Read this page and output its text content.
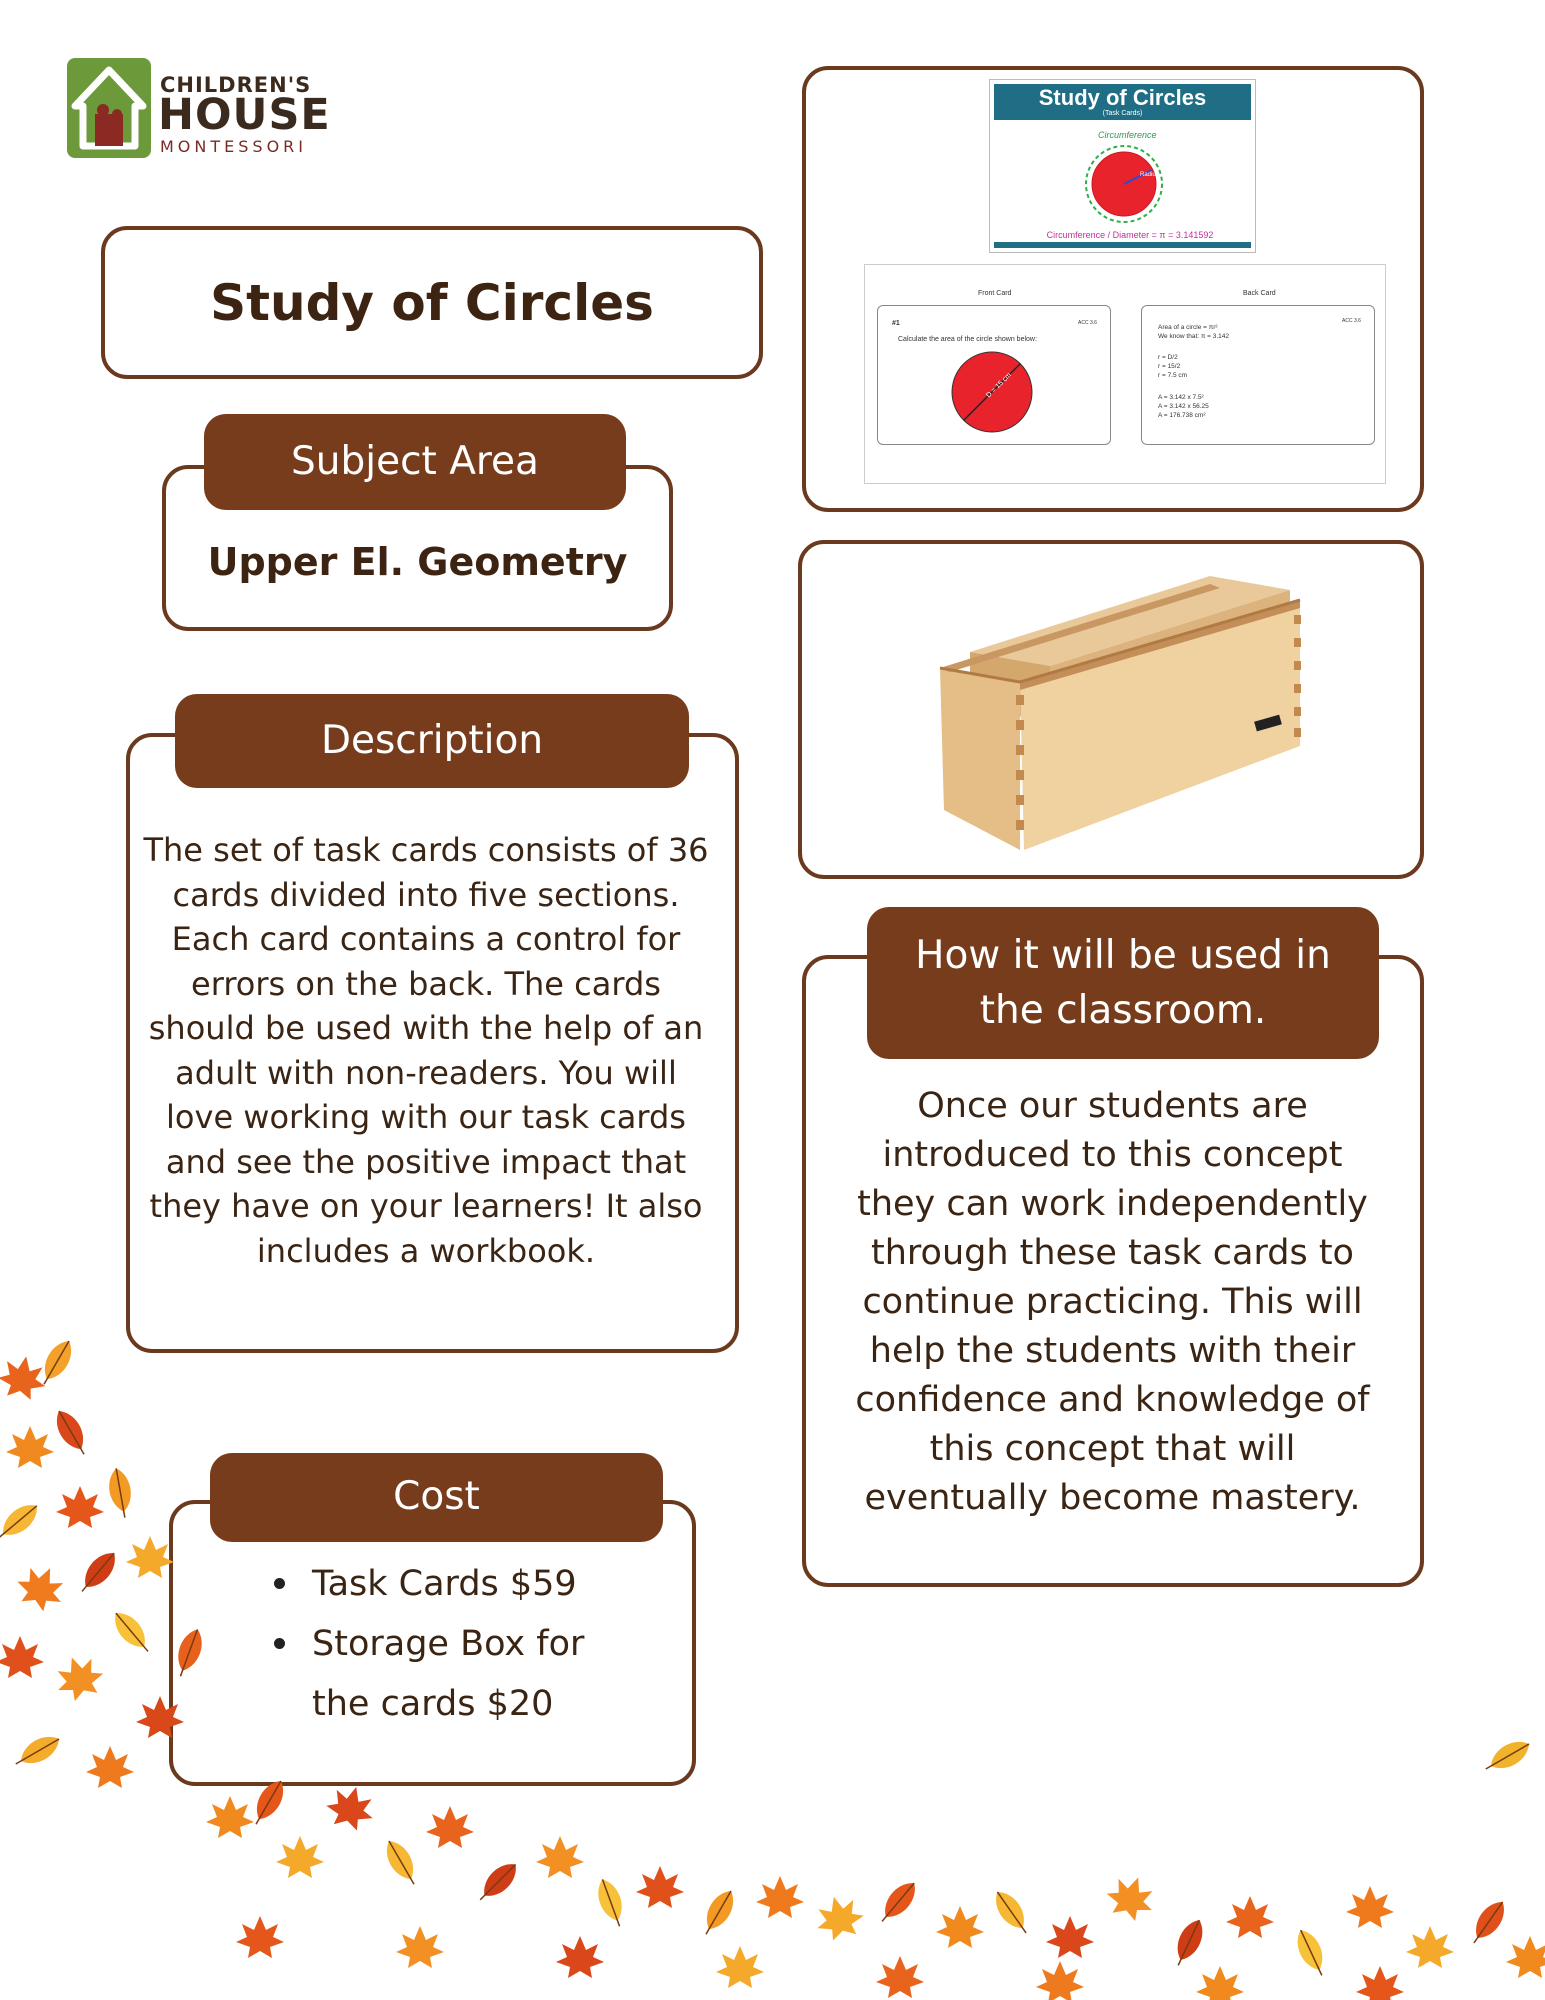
CHILDREN'S
HOUSE
MONTESSORI
Study of Circles
Subject Area
Upper El. Geometry
Description
The set of task cards consists of 36 cards divided into five sections. Each card contains a control for errors on the back. The cards should be used with the help of an adult with non-readers. You will love working with our task cards and see the positive impact that they have on your learners! It also includes a workbook.
Cost
Task Cards $59
Storage Box for the cards $20
Study of Circles
(Task Cards)
Circumference
Radius
Circumference / Diameter = π = 3.141592
Front Card	Back Card
#1	ACC 3.6
Calculate the area of the circle shown below:
D = 15 cm
ACC 3.6
Area of a circle = πr²
We know that: π = 3.142
r = D/2
r = 15/2
r = 7.5 cm
A = 3.142 x 7.5²
A = 3.142 x 56.25
A = 176.738 cm²
How it will be used in the classroom.
Once our students are introduced to this concept they can work independently through these task cards to continue practicing. This will help the students with their confidence and knowledge of this concept that will eventually become mastery.
